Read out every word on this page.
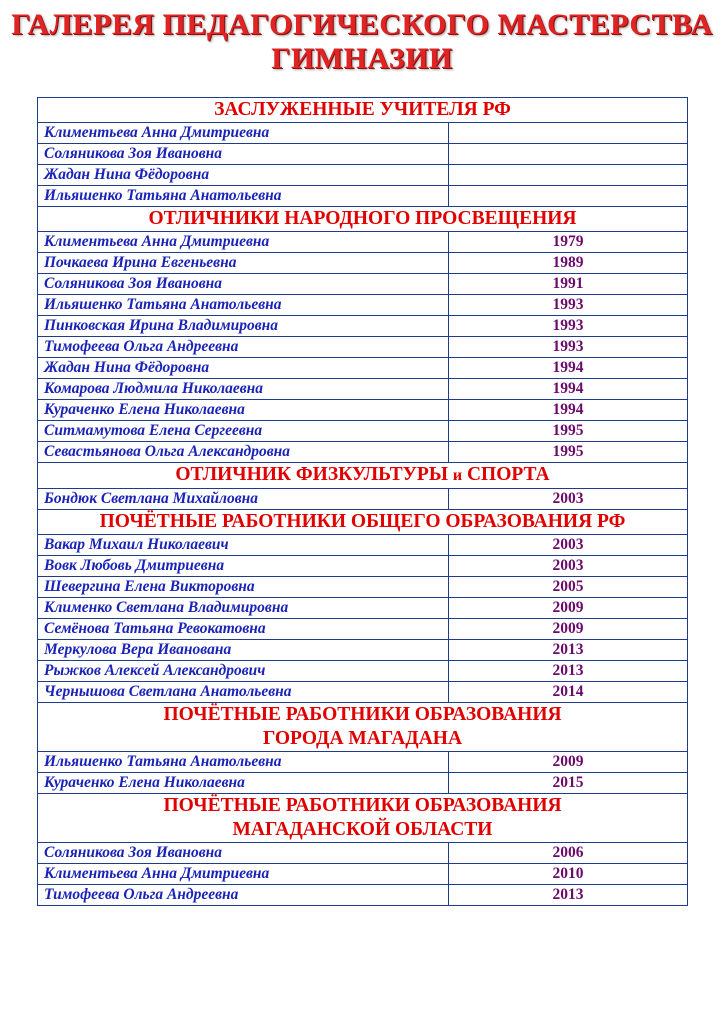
ГАЛЕРЕЯ ПЕДАГОГИЧЕСКОГО МАСТЕРСТВА
ГИМНАЗИИ
ЗАСЛУЖЕННЫЕ УЧИТЕЛЯ РФ	
Климентьева Анна Дмитриевна	
Соляникова Зоя Ивановна	
Жадан Нина Фёдоровна	
Ильяшенко Татьяна Анатольевна	
ОТЛИЧНИКИ НАРОДНОГО ПРОСВЕЩЕНИЯ	
Климентьева Анна Дмитриевна	1979
Почкаева Ирина Евгеньевна	1989
Соляникова Зоя Ивановна	1991
Ильяшенко Татьяна Анатольевна	1993
Пинковская Ирина Владимировна	1993
Тимофеева Ольга Андреевна	1993
Жадан Нина Фёдоровна	1994
Комарова Людмила Николаевна	1994
Кураченко Елена Николаевна	1994
Ситмамутова Елена Сергеевна	1995
Севастьянова Ольга Александровна	1995
ОТЛИЧНИК ФИЗКУЛЬТУРЫ и СПОРТА	
Бондюк Светлана Михайловна	2003
ПОЧЁТНЫЕ РАБОТНИКИ ОБЩЕГО ОБРАЗОВАНИЯ РФ	
Вакар Михаил Николаевич	2003
Вовк Любовь Дмитриевна	2003
Шевергина Елена Викторовна	2005
Клименко Светлана Владимировна	2009
Семёнова Татьяна Ревокатовна	2009
Меркулова Вера Ивановaна	2013
Рыжков Алексей Александрович	2013
Чернышова Светлана Анатольевна	2014

ПОЧЁТНЫЕ РАБОТНИКИ ОБРАЗОВАНИЯ
ГОРОДА МАГАДАНА	

Ильяшенко Татьяна Анатольевна	2009
Кураченко Елена Николаевна	2015

ПОЧЁТНЫЕ РАБОТНИКИ ОБРАЗОВАНИЯ
МАГАДАНСКОЙ ОБЛАСТИ	

Соляникова Зоя Ивановна	2006
Климентьева Анна Дмитриевна	2010
Тимофеева Ольга Андреевна	2013
